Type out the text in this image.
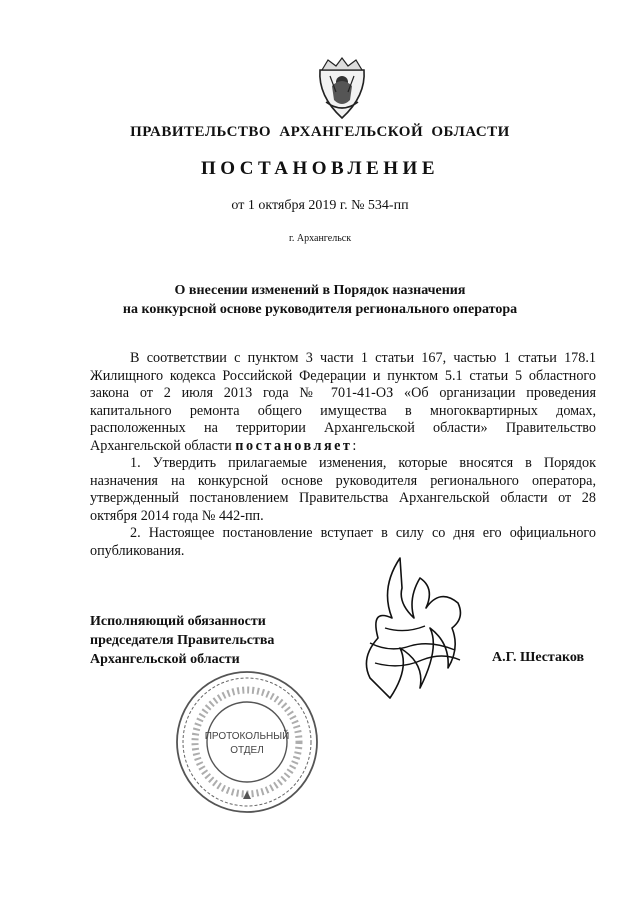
ПРАВИТЕЛЬСТВО АРХАНГЕЛЬСКОЙ ОБЛАСТИ
ПОСТАНОВЛЕНИЕ
от 1 октября 2019 г. № 534-пп
г. Архангельск
О внесении изменений в Порядок назначения
на конкурсной основе руководителя регионального оператора

В соответствии с пунктом 3 части 1 статьи 167, частью 1 статьи 178.1 Жилищного кодекса Российской Федерации и пунктом 5.1 статьи 5 областного закона от 2 июля 2013 года № 701-41-ОЗ «Об организации проведения капитального ремонта общего имущества в многоквартирных домах, расположенных на территории Архангельской области» Правительство Архангельской области постановляет:

1. Утвердить прилагаемые изменения, которые вносятся в Порядок назначения на конкурсной основе руководителя регионального оператора, утвержденный постановлением Правительства Архангельской области от 28 октября 2014 года № 442-пп.

2. Настоящее постановление вступает в силу со дня его официального опубликования.

Исполняющий обязанности
председателя Правительства
Архангельской области	А.Г. Шестаков
ПРОТОКОЛЬНЫЙ
ОТДЕЛ
